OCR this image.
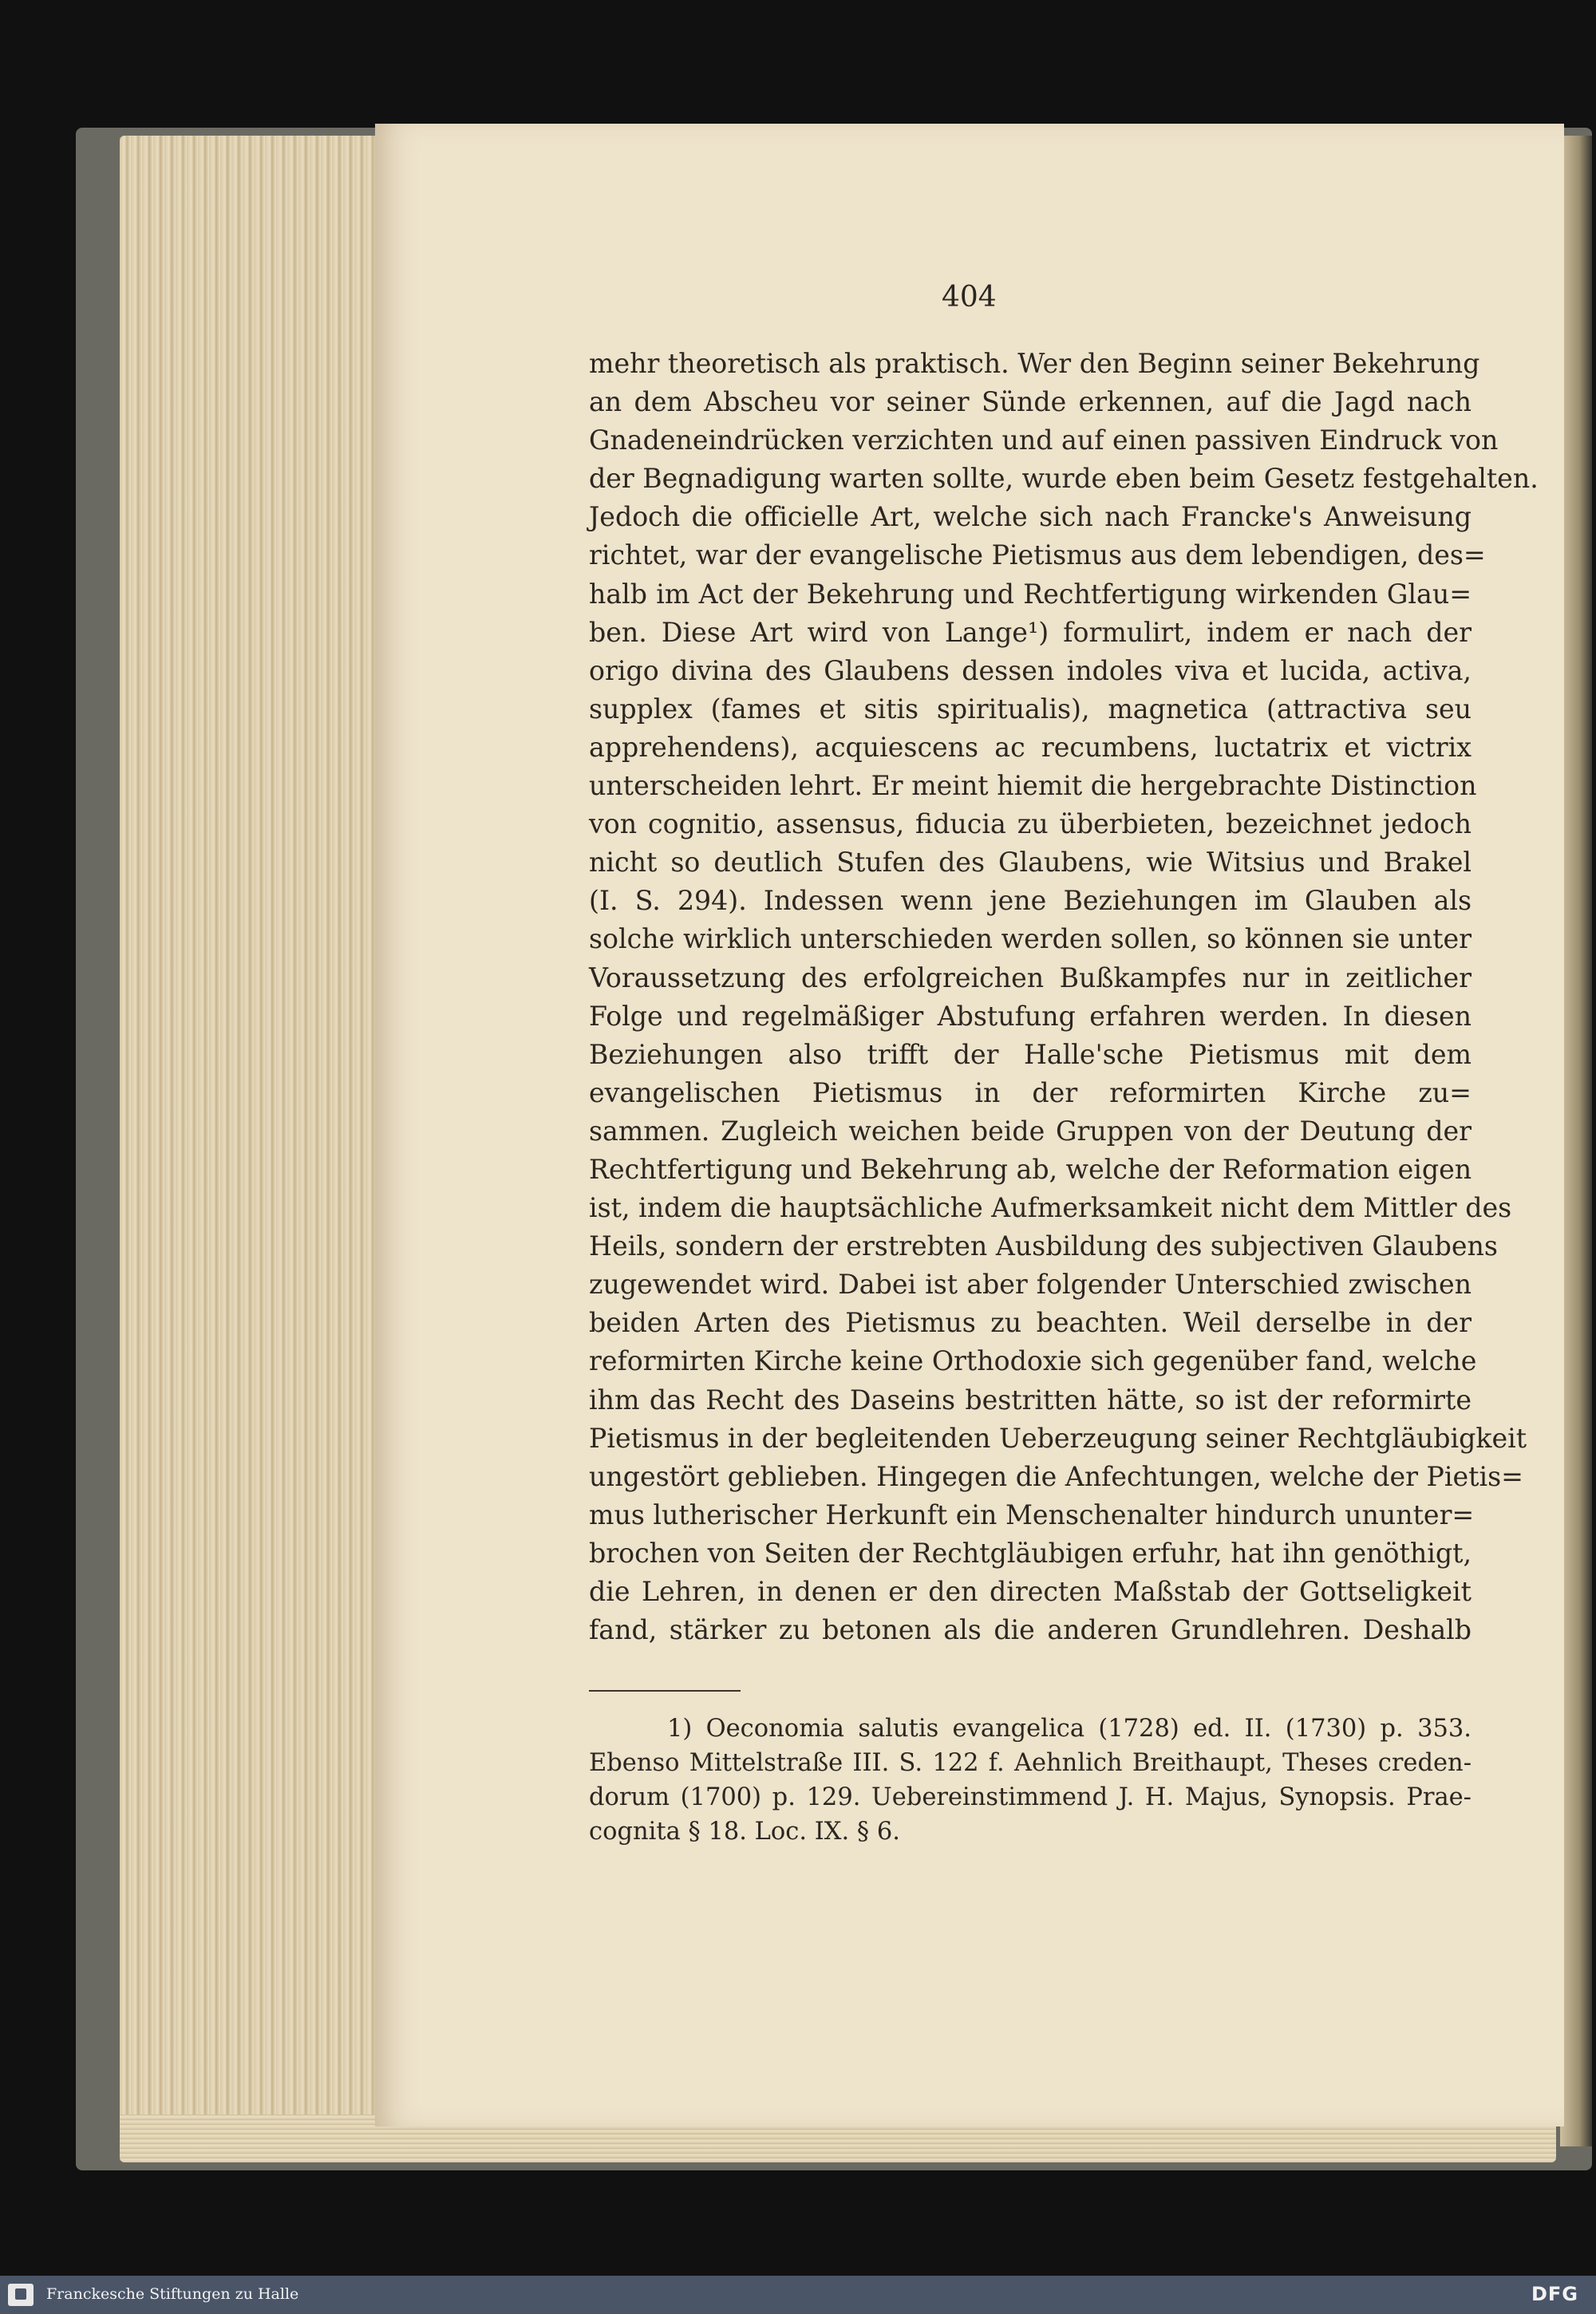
404
mehr theoretisch als praktisch. Wer den Beginn seiner Bekehrung
an dem Abscheu vor seiner Sünde erkennen, auf die Jagd nach
Gnadeneindrücken verzichten und auf einen passiven Eindruck von
der Begnadigung warten sollte, wurde eben beim Gesetz festgehalten.
Jedoch die officielle Art, welche sich nach Francke's Anweisung
richtet, war der evangelische Pietismus aus dem lebendigen, des=
halb im Act der Bekehrung und Rechtfertigung wirkenden Glau=
ben. Diese Art wird von Lange¹) formulirt, indem er nach der
origo divina des Glaubens dessen indoles viva et lucida, activa,
supplex (fames et sitis spiritualis), magnetica (attractiva seu
apprehendens), acquiescens ac recumbens, luctatrix et victrix
unterscheiden lehrt. Er meint hiemit die hergebrachte Distinction
von cognitio, assensus, fiducia zu überbieten, bezeichnet jedoch
nicht so deutlich Stufen des Glaubens, wie Witsius und Brakel
(I. S. 294). Indessen wenn jene Beziehungen im Glauben als
solche wirklich unterschieden werden sollen, so können sie unter
Voraussetzung des erfolgreichen Bußkampfes nur in zeitlicher
Folge und regelmäßiger Abstufung erfahren werden. In diesen
Beziehungen also trifft der Halle'sche Pietismus mit dem
evangelischen Pietismus in der reformirten Kirche zu=
sammen. Zugleich weichen beide Gruppen von der Deutung der
Rechtfertigung und Bekehrung ab, welche der Reformation eigen
ist, indem die hauptsächliche Aufmerksamkeit nicht dem Mittler des
Heils, sondern der erstrebten Ausbildung des subjectiven Glaubens
zugewendet wird. Dabei ist aber folgender Unterschied zwischen
beiden Arten des Pietismus zu beachten. Weil derselbe in der
reformirten Kirche keine Orthodoxie sich gegenüber fand, welche
ihm das Recht des Daseins bestritten hätte, so ist der reformirte
Pietismus in der begleitenden Ueberzeugung seiner Rechtgläubigkeit
ungestört geblieben. Hingegen die Anfechtungen, welche der Pietis=
mus lutherischer Herkunft ein Menschenalter hindurch ununter=
brochen von Seiten der Rechtgläubigen erfuhr, hat ihn genöthigt,
die Lehren, in denen er den directen Maßstab der Gottseligkeit
fand, stärker zu betonen als die anderen Grundlehren. Deshalb
1) Oeconomia salutis evangelica (1728) ed. II. (1730) p. 353.
Ebenso Mittelstraße III. S. 122 f. Aehnlich Breithaupt, Theses creden-
dorum (1700) p. 129. Uebereinstimmend J. H. Majus, Synopsis. Prae-
cognita § 18. Loc. IX. § 6.
Franckesche Stiftungen zu Halle	DFG
